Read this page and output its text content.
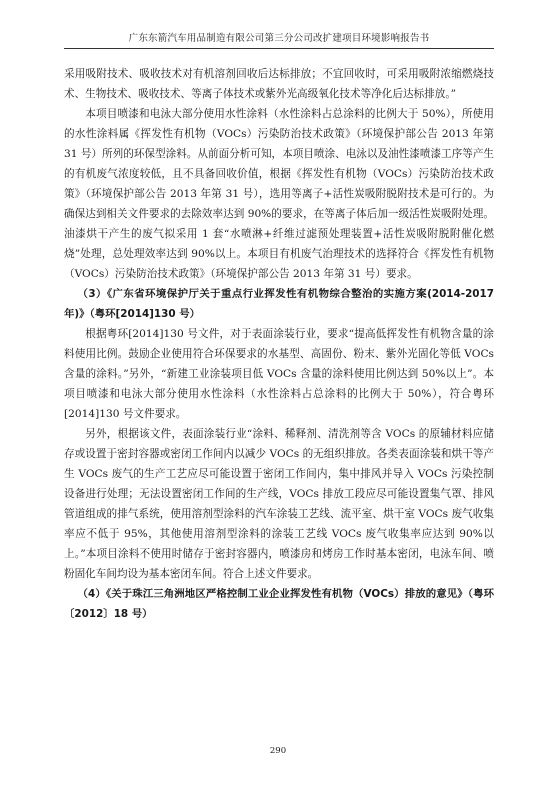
广东东箭汽车用品制造有限公司第三分公司改扩建项目环境影响报告书

采用吸附技术、吸收技术对有机溶剂回收后达标排放；不宜回收时，可采用吸附浓缩燃烧技术、生物技术、吸收技术、等离子体技术或紫外光高级氧化技术等净化后达标排放。”

本项目喷漆和电泳大部分使用水性涂料（水性涂料占总涂料的比例大于 50%），所使用的水性涂料属《挥发性有机物（VOCs）污染防治技术政策》（环境保护部公告 2013 年第 31 号）所列的环保型涂料。从前面分析可知，本项目喷涂、电泳以及油性漆喷漆工序等产生的有机废气浓度较低，且不具备回收价值，根据《挥发性有机物（VOCs）污染防治技术政策》（环境保护部公告 2013 年第 31 号），选用等离子+活性炭吸附脱附技术是可行的。为确保达到相关文件要求的去除效率达到 90%的要求，在等离子体后加一级活性炭吸附处理。油漆烘干产生的废气拟采用 1 套“水喷淋+纤维过滤预处理装置+活性炭吸附脱附催化燃烧”处理，总处理效率达到 90%以上。本项目有机废气治理技术的选择符合《挥发性有机物（VOCs）污染防治技术政策》（环境保护部公告 2013 年第 31 号）要求。

（3）《广东省环境保护厅关于重点行业挥发性有机物综合整治的实施方案(2014-2017 年)》（粤环[2014]130 号）

根据粤环[2014]130 号文件，对于表面涂装行业，要求“提高低挥发性有机物含量的涂料使用比例。鼓励企业使用符合环保要求的水基型、高固份、粉末、紫外光固化等低 VOCs 含量的涂料。”另外，“新建工业涂装项目低 VOCs 含量的涂料使用比例达到 50%以上”。本项目喷漆和电泳大部分使用水性涂料（水性涂料占总涂料的比例大于 50%），符合粤环[2014]130 号文件要求。

另外，根据该文件，表面涂装行业“涂料、稀释剂、清洗剂等含 VOCs 的原辅材料应储存或设置于密封容器或密闭工作间内以减少 VOCs 的无组织排放。各类表面涂装和烘干等产生 VOCs 废气的生产工艺应尽可能设置于密闭工作间内，集中排风并导入 VOCs 污染控制设备进行处理；无法设置密闭工作间的生产线，VOCs 排放工段应尽可能设置集气罩、排风管道组成的排气系统，使用溶剂型涂料的汽车涂装工艺线、流平室、烘干室 VOCs 废气收集率应不低于 95%，其他使用溶剂型涂料的涂装工艺线 VOCs 废气收集率应达到 90%以上。”本项目涂料不使用时储存于密封容器内，喷漆房和烤房工作时基本密闭，电泳车间、喷粉固化车间均设为基本密闭车间。符合上述文件要求。

（4）《关于珠江三角洲地区严格控制工业企业挥发性有机物（VOCs）排放的意见》（粤环〔2012〕18 号）

290
